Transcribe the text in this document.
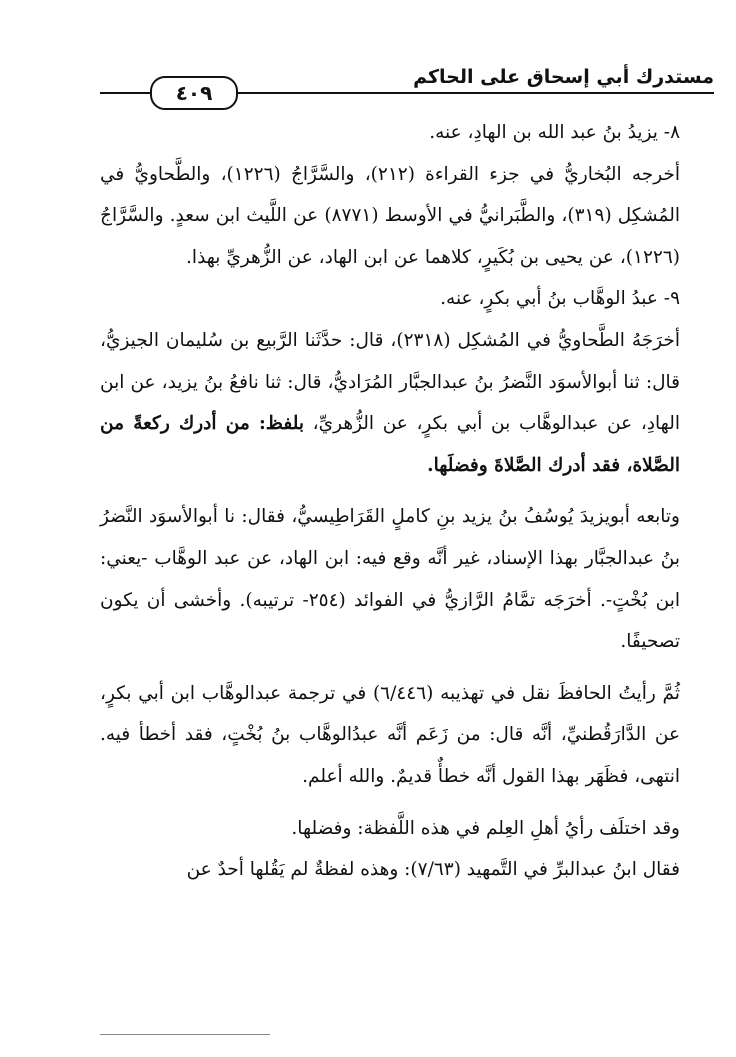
مستدرك أبي إسحاق على الحاكم
٤٠٩

٨- يزيدُ بنُ عبد الله بن الهادِ، عنه.

أخرجه البُخاريُّ في جزء القراءة (٢١٢)، والسَّرَّاجُ (١٢٢٦)، والطَّحاويُّ في المُشكِل (٣١٩)، والطَّبَرانيُّ في الأوسط (٨٧٧١) عن اللَّيث ابن سعدٍ. والسَّرَّاجُ (١٢٢٦)، عن يحيى بن بُكَيرٍ، كلاهما عن ابن الهاد، عن الزُّهريِّ بهذا.

٩- عبدُ الوهَّاب بنُ أبي بكرٍ، عنه.

أخرَجَهُ الطَّحاويُّ في المُشكِل (٢٣١٨)، قال: حدَّثَنا الرَّبيع بن سُليمان الجيزيُّ، قال: ثنا أبوالأسوَد النَّضرُ بنُ عبدالجبَّار المُرَاديُّ، قال: ثنا نافعُ بنُ يزيد، عن ابن الهادِ، عن عبدالوهَّاب بن أبي بكرٍ، عن الزُّهريِّ، بلفظ: من أدرك ركعةً من الصَّلاة، فقد أدرك الصَّلاةَ وفضلَها.

وتابعه أبويزيدَ يُوسُفُ بنُ يزيد بنِ كاملٍ القَرَاطِيسيُّ، فقال: نا أبوالأسوَد النَّضرُ بنُ عبدالجبَّار بهذا الإسناد، غير أنَّه وقع فيه: ابن الهاد، عن عبد الوهَّاب -يعني: ابن بُخْتٍ-. أخرَجَه تمَّامُ الرَّازيُّ في الفوائد (٢٥٤- ترتيبه). وأخشى أن يكون تصحيفًا.

ثُمَّ رأيتُ الحافظَ نقل في تهذيبه (٦/٤٤٦) في ترجمة عبدالوهَّاب ابن أبي بكرٍ، عن الدَّارَقُطنيِّ، أنَّه قال: من زَعَم أنَّه عبدُالوهَّاب بنُ بُخْتٍ، فقد أخطأ فيه. انتهى، فظَهَر بهذا القول أنَّه خطأٌ قديمٌ. والله أعلم.

وقد اختلَف رأيُ أهلِ العِلم في هذه اللَّفظة: وفضلها.

فقال ابنُ عبدالبرِّ في التَّمهيد (٧/٦٣): وهذه لفظةٌ لم يَقُلها أحدٌ عن
